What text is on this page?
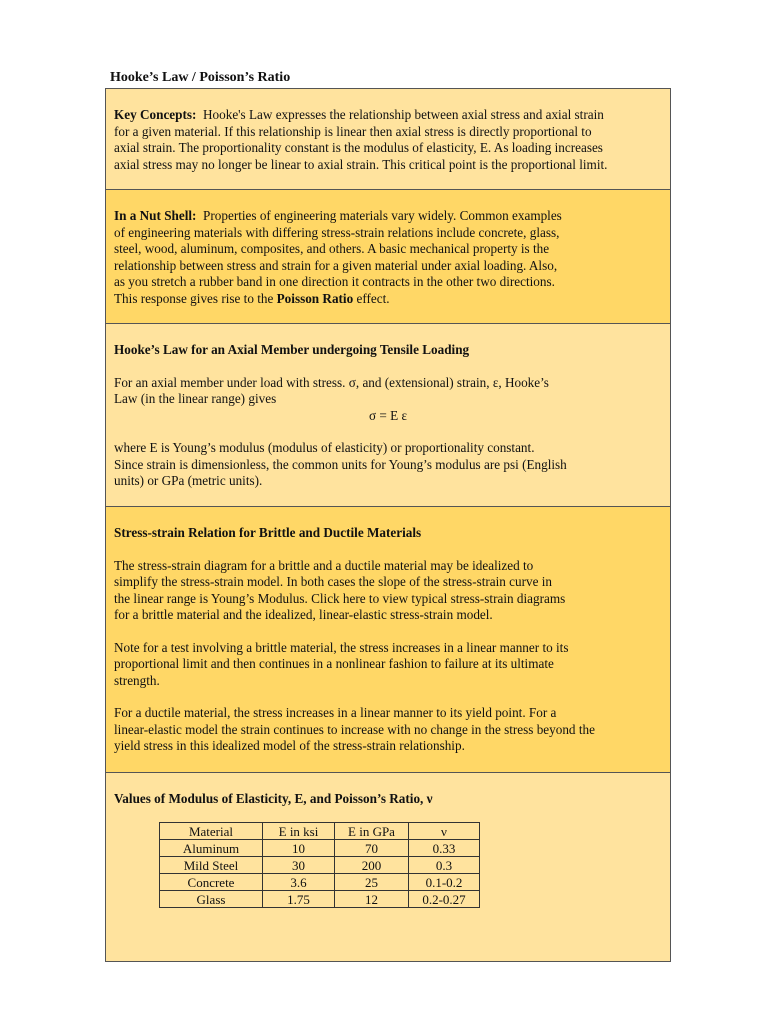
Hooke’s Law / Poisson’s Ratio

Key Concepts: Hooke's Law expresses the relationship between axial stress and axial strain

for a given material. If this relationship is linear then axial stress is directly proportional to

axial strain. The proportionality constant is the modulus of elasticity, E. As loading increases

axial stress may no longer be linear to axial strain. This critical point is the proportional limit.

In a Nut Shell: Properties of engineering materials vary widely. Common examples

of engineering materials with differing stress-strain relations include concrete, glass,

steel, wood, aluminum, composites, and others. A basic mechanical property is the

relationship between stress and strain for a given material under axial loading. Also,

as you stretch a rubber band in one direction it contracts in the other two directions.

This response gives rise to the Poisson Ratio effect.

Hooke’s Law for an Axial Member undergoing Tensile Loading

For an axial member under load with stress. σ, and (extensional) strain, ε, Hooke’s

Law (in the linear range) gives

σ = E ε

where E is Young’s modulus (modulus of elasticity) or proportionality constant.

Since strain is dimensionless, the common units for Young’s modulus are psi (English

units) or GPa (metric units).

Stress-strain Relation for Brittle and Ductile Materials

The stress-strain diagram for a brittle and a ductile material may be idealized to

simplify the stress-strain model. In both cases the slope of the stress-strain curve in

the linear range is Young’s Modulus. Click here to view typical stress-strain diagrams

for a brittle material and the idealized, linear-elastic stress-strain model.

Note for a test involving a brittle material, the stress increases in a linear manner to its

proportional limit and then continues in a nonlinear fashion to failure at its ultimate

strength.

For a ductile material, the stress increases in a linear manner to its yield point. For a

linear-elastic model the strain continues to increase with no change in the stress beyond the

yield stress in this idealized model of the stress-strain relationship.

Values of Modulus of Elasticity, E, and Poisson’s Ratio, ν

Material	E in ksi	E in GPa	ν
Aluminum	10	70	0.33
Mild Steel	30	200	0.3
Concrete	3.6	25	0.1-0.2
Glass	1.75	12	0.2-0.27
